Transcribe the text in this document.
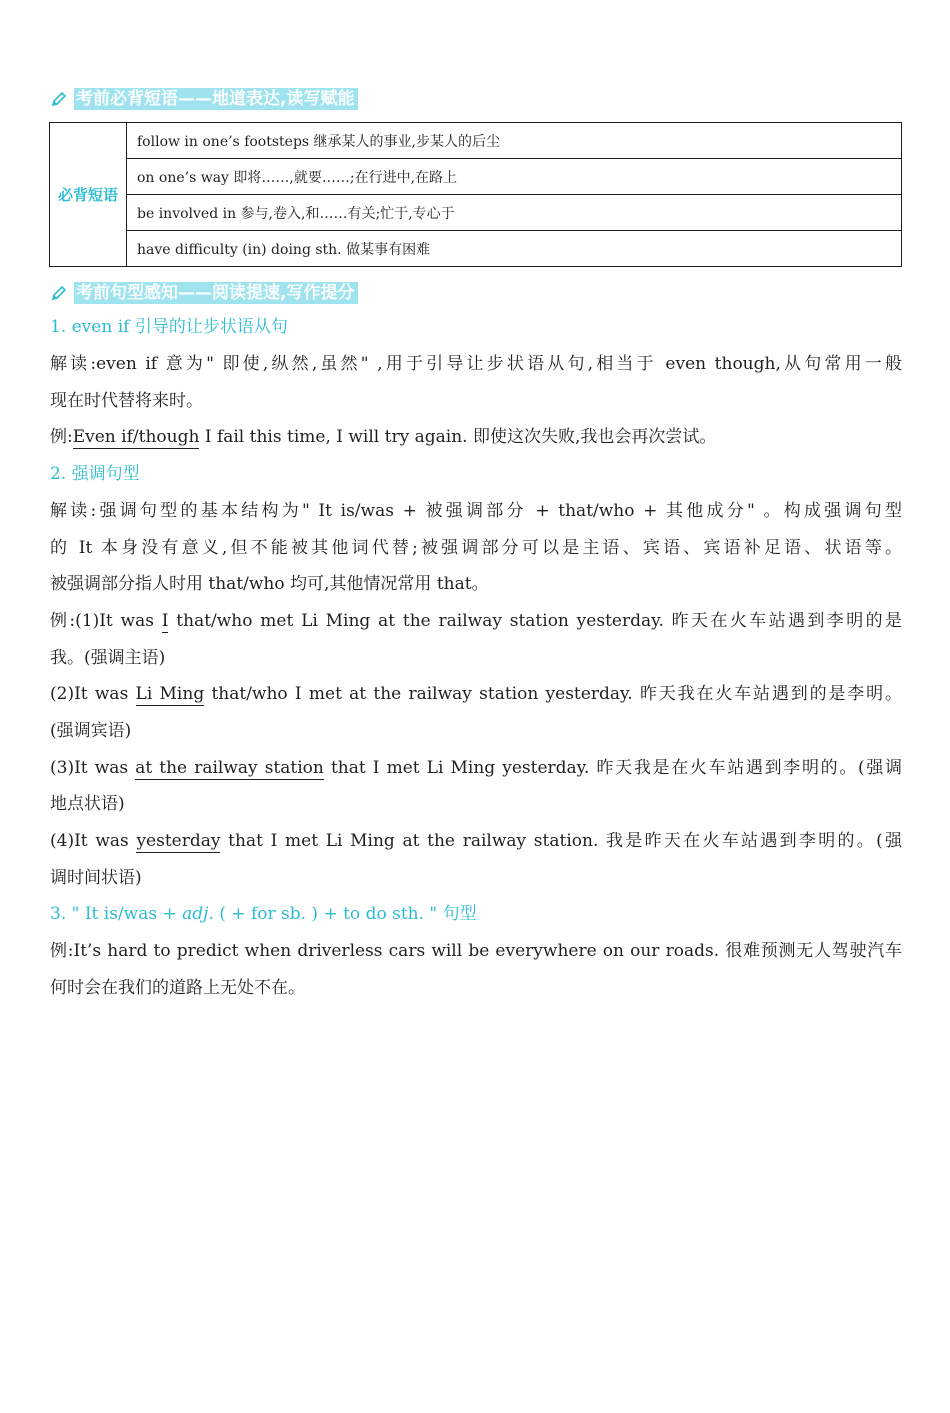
考前必背短语——地道表达,读写赋能
必背短语	follow in one’s footsteps 继承某人的事业,步某人的后尘
on one’s way 即将……,就要……;在行进中,在路上
be involved in 参与,卷入,和……有关;忙于,专心于
have difficulty (in) doing sth. 做某事有困难
考前句型感知——阅读提速,写作提分
1. even if 引导的让步状语从句
解读:even if 意为" 即使,纵然,虽然" ,用于引导让步状语从句,相当于 even though,从句常用一般
现在时代替将来时。
例:Even if/though I fail this time, I will try again. 即使这次失败,我也会再次尝试。
2. 强调句型
解读:强调句型的基本结构为" It is/was + 被强调部分 + that/who + 其他成分" 。构成强调句型
的 It 本身没有意义,但不能被其他词代替;被强调部分可以是主语、宾语、宾语补足语、状语等。
被强调部分指人时用 that/who 均可,其他情况常用 that。
例:(1)It was I that/who met Li Ming at the railway station yesterday. 昨天在火车站遇到李明的是
我。(强调主语)
(2)It was Li Ming that/who I met at the railway station yesterday. 昨天我在火车站遇到的是李明。
(强调宾语)
(3)It was at the railway station that I met Li Ming yesterday. 昨天我是在火车站遇到李明的。(强调
地点状语)
(4)It was yesterday that I met Li Ming at the railway station. 我是昨天在火车站遇到李明的。(强
调时间状语)
3. " It is/was + adj. ( + for sb. ) + to do sth. " 句型
例:It’s hard to predict when driverless cars will be everywhere on our roads. 很难预测无人驾驶汽车
何时会在我们的道路上无处不在。
